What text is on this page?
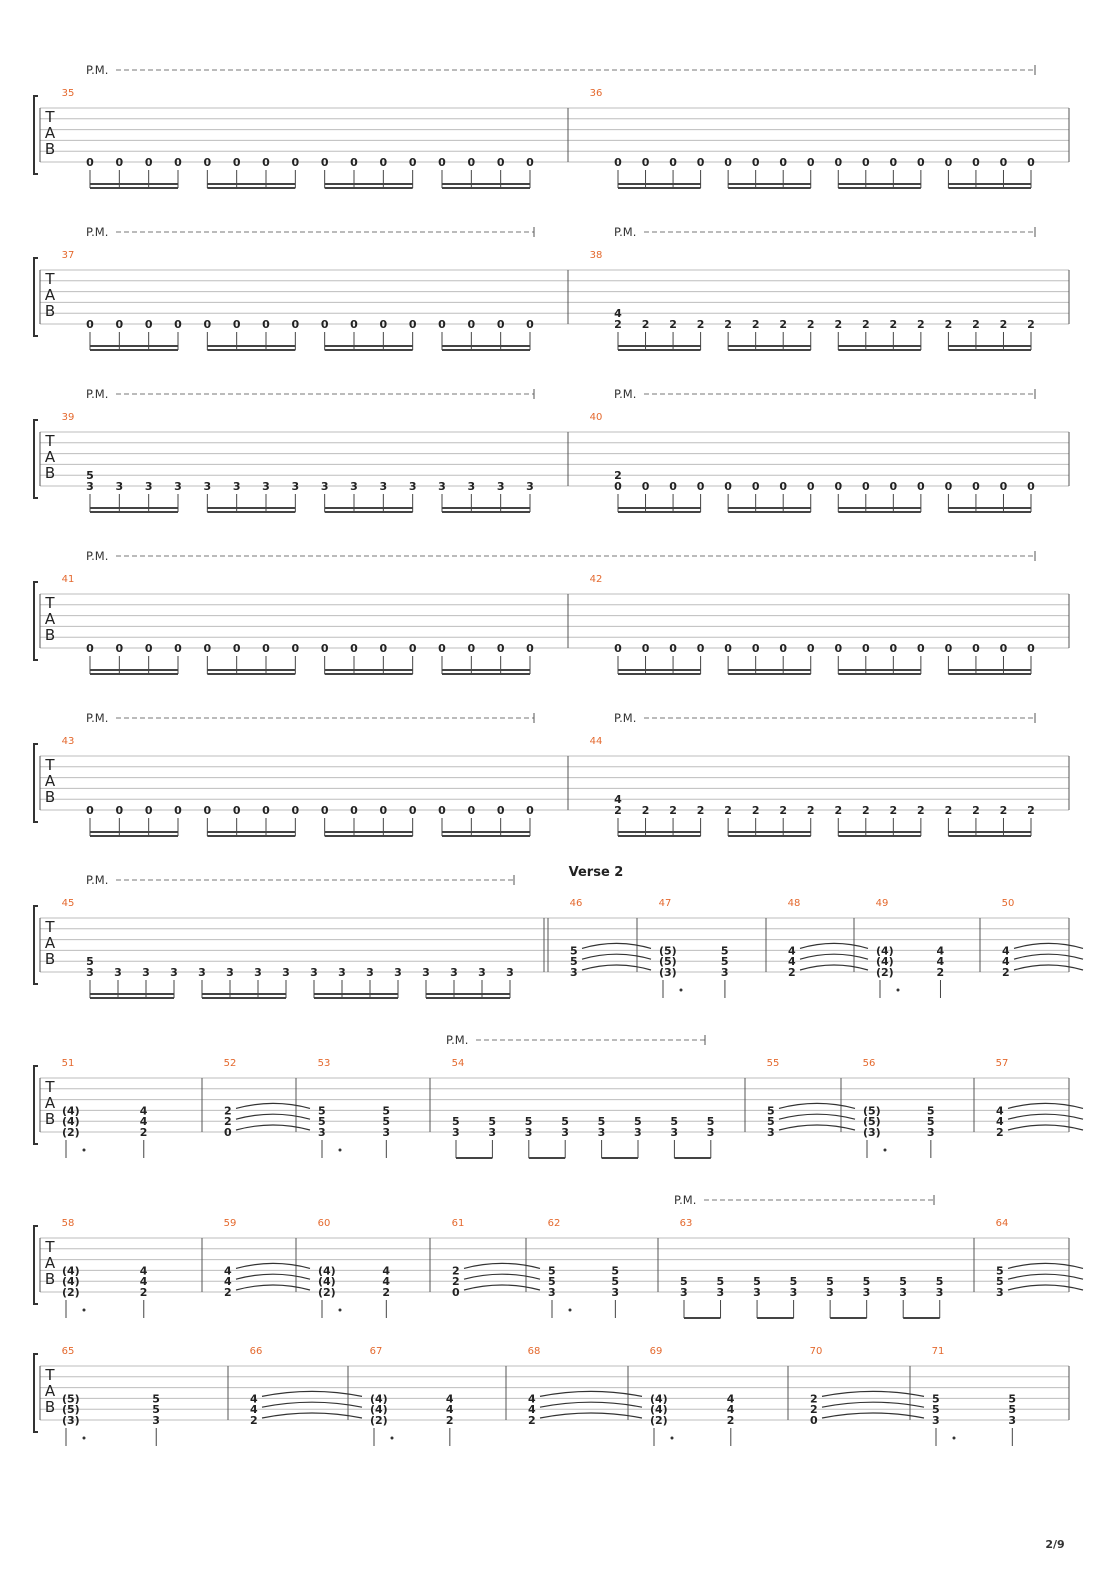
T
A
B
35
0 0 0 0 0 0 0 0 0 0 0 0 0 0 0 0
36
0 0 0 0 0 0 0 0 0 0 0 0 0 0 0 0
P.M.
T
A
B
37
0 0 0 0 0 0 0 0 0 0 0 0 0 0 0 0
38
4
2 2 2 2 2 2 2 2 2 2 2 2 2 2 2 2
P.M.	P.M.
T
A
B
39
5
3 3 3 3 3 3 3 3 3 3 3 3 3 3 3 3
40
2
0 0 0 0 0 0 0 0 0 0 0 0 0 0 0 0
P.M.	P.M.
T
A
B
41
0 0 0 0 0 0 0 0 0 0 0 0 0 0 0 0
42
0 0 0 0 0 0 0 0 0 0 0 0 0 0 0 0
P.M.
T
A
B
43
0 0 0 0 0 0 0 0 0 0 0 0 0 0 0 0
44
4
2 2 2 2 2 2 2 2 2 2 2 2 2 2 2 2
P.M.	P.M.
T
A
B
Verse 2
45
5
3 3 3 3 3 3 3 3 3 3 3 3 3 3 3 3
46
5
5
3
47
(5)
(5)
(3)
5
5
3
48
4
4
2
49
(4)
(4)
(2)
4
4
2
50
4
4
2
P.M.
T
A
B
51
(4)
(4)
(2)
4
4
2
52
2
2
0
53
5
5
3
5
5
3
54
5
3
5
3
5
3
5
3
5
3
5
3
5
3
5
3
55
5
5
3
56
(5)
(5)
(3)
5
5
3
57
4
4
2
P.M.
T
A
B
58
(4)
(4)
(2)
4
4
2
59
4
4
2
60
(4)
(4)
(2)
4
4
2
61
2
2
0
62
5
5
3
5
5
3
63
5
3
5
3
5
3
5
3
5
3
5
3
5
3
5
3
64
5
5
3
P.M.
T
A
B
65
(5)
(5)
(3)
5
5
3
66
4
4
2
67
(4)
(4)
(2)
4
4
2
68
4
4
2
69
(4)
(4)
(2)
4
4
2
70
2
2
0
71
5
5
3
5
5
3
2/9
